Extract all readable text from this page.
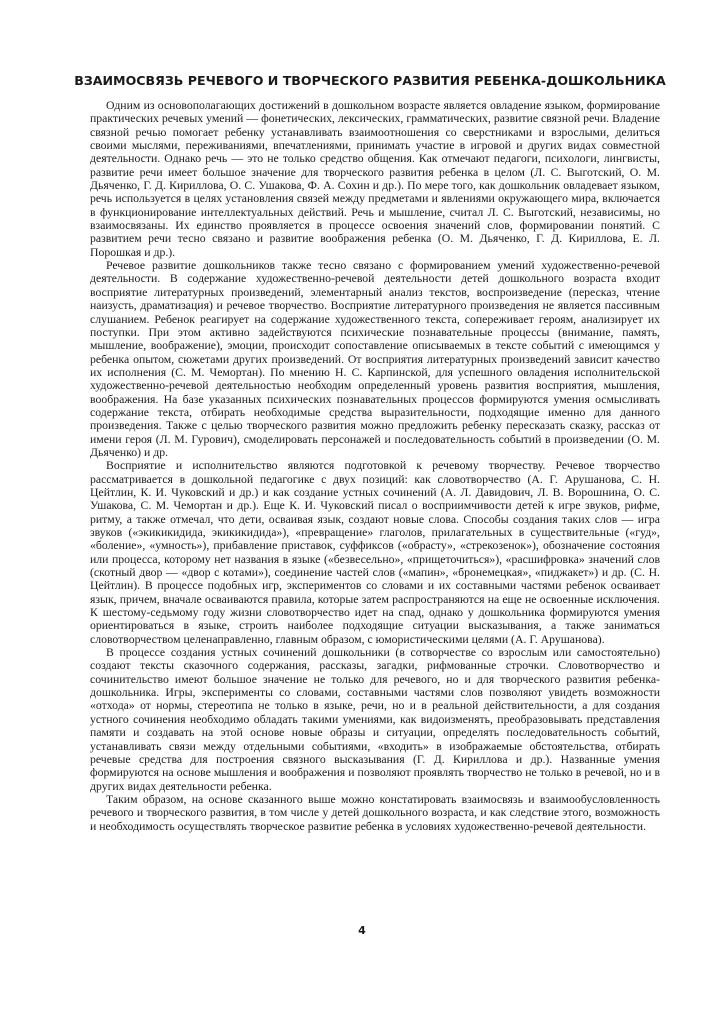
ВЗАИМОСВЯЗЬ РЕЧЕВОГО И ТВОРЧЕСКОГО РАЗВИТИЯ РЕБЕНКА-ДОШКОЛЬНИКА

Одним из основополагающих достижений в дошкольном возрасте является овладение языком, формирование практических речевых умений — фонетических, лексических, грамматических, развитие связной речи. Владение связной речью помогает ребенку устанавливать взаимоотношения со сверстниками и взрослыми, делиться своими мыслями, переживаниями, впечатлениями, принимать участие в игровой и других видах совместной деятельности. Однако речь — это не только средство общения. Как отмечают педагоги, психологи, лингвисты, развитие речи имеет большое значение для творческого развития ребенка в целом (Л. С. Выготский, О. М. Дьяченко, Г. Д. Кириллова, О. С. Ушакова, Ф. А. Сохин и др.). По мере того, как дошкольник овладевает языком, речь используется в целях установления связей между предметами и явлениями окружающего мира, включается в функционирование интеллектуальных действий. Речь и мышление, считал Л. С. Выготский, независимы, но взаимосвязаны. Их единство проявляется в процессе освоения значений слов, формировании понятий. С развитием речи тесно связано и развитие воображения ребенка (О. М. Дьяченко, Г. Д. Кириллова, Е. Л. Порошкая и др.).

Речевое развитие дошкольников также тесно связано с формированием умений художественно-речевой деятельности. В содержание художественно-речевой деятельности детей дошкольного возраста входит восприятие литературных произведений, элементарный анализ текстов, воспроизведение (пересказ, чтение наизусть, драматизация) и речевое творчество. Восприятие литературного произведения не является пассивным слушанием. Ребенок реагирует на содержание художественного текста, сопереживает героям, анализирует их поступки. При этом активно задействуются психические познавательные процессы (внимание, память, мышление, воображение), эмоции, происходит сопоставление описываемых в тексте событий с имеющимся у ребенка опытом, сюжетами других произведений. От восприятия литературных произведений зависит качество их исполнения (С. М. Чемортан). По мнению Н. С. Карпинской, для успешного овладения исполнительской художественно-речевой деятельностью необходим определенный уровень развития восприятия, мышления, воображения. На базе указанных психических познавательных процессов формируются умения осмысливать содержание текста, отбирать необходимые средства выразительности, подходящие именно для данного произведения. Также с целью творческого развития можно предложить ребенку пересказать сказку, рассказ от имени героя (Л. М. Гурович), смоделировать персонажей и последовательность событий в произведении (О. М. Дьяченко) и др.

Восприятие и исполнительство являются подготовкой к речевому творчеству. Речевое творчество рассматривается в дошкольной педагогике с двух позиций: как словотворчество (А. Г. Арушанова, С. Н. Цейтлин, К. И. Чуковский и др.) и как создание устных сочинений (А. Л. Давидович, Л. В. Ворошнина, О. С. Ушакова, С. М. Чемортан и др.). Еще К. И. Чуковский писал о восприимчивости детей к игре звуков, рифме, ритму, а также отмечал, что дети, осваивая язык, создают новые слова. Способы создания таких слов — игра звуков («экикикидида, экикикидида»), «превращение» глаголов, прилагательных в существительные («гуд», «боление», «умность»), прибавление приставок, суффиксов («обрасту», «стрекозенок»), обозначение состояния или процесса, которому нет названия в языке («безвесельно», «прищеточиться»), «расшифровка» значений слов (скотный двор — «двор с котами»), соединение частей слов («мапин», «бронемецкая», «пиджакет») и др. (С. Н. Цейтлин). В процессе подобных игр, экспериментов со словами и их составными частями ребенок осваивает язык, причем, вначале осваиваются правила, которые затем распространяются на еще не освоенные исключения. К шестому-седьмому году жизни словотворчество идет на спад, однако у дошкольника формируются умения ориентироваться в языке, строить наиболее подходящие ситуации высказывания, а также заниматься словотворчеством целенаправленно, главным образом, с юмористическими целями (А. Г. Арушанова).

В процессе создания устных сочинений дошкольники (в сотворчестве со взрослым или самостоятельно) создают тексты сказочного содержания, рассказы, загадки, рифмованные строчки. Словотворчество и сочинительство имеют большое значение не только для речевого, но и для творческого развития ребенка-дошкольника. Игры, эксперименты со словами, составными частями слов позволяют увидеть возможности «отхода» от нормы, стереотипа не только в языке, речи, но и в реальной действительности, а для создания устного сочинения необходимо обладать такими умениями, как видоизменять, преобразовывать представления памяти и создавать на этой основе новые образы и ситуации, определять последовательность событий, устанавливать связи между отдельными событиями, «входить» в изображаемые обстоятельства, отбирать речевые средства для построения связного высказывания (Г. Д. Кириллова и др.). Названные умения формируются на основе мышления и воображения и позволяют проявлять творчество не только в речевой, но и в других видах деятельности ребенка.

Таким образом, на основе сказанного выше можно констатировать взаимосвязь и взаимообусловленность речевого и творческого развития, в том числе у детей дошкольного возраста, и как следствие этого, возможность и необходимость осуществлять творческое развитие ребенка в условиях художественно-речевой деятельности.

4
